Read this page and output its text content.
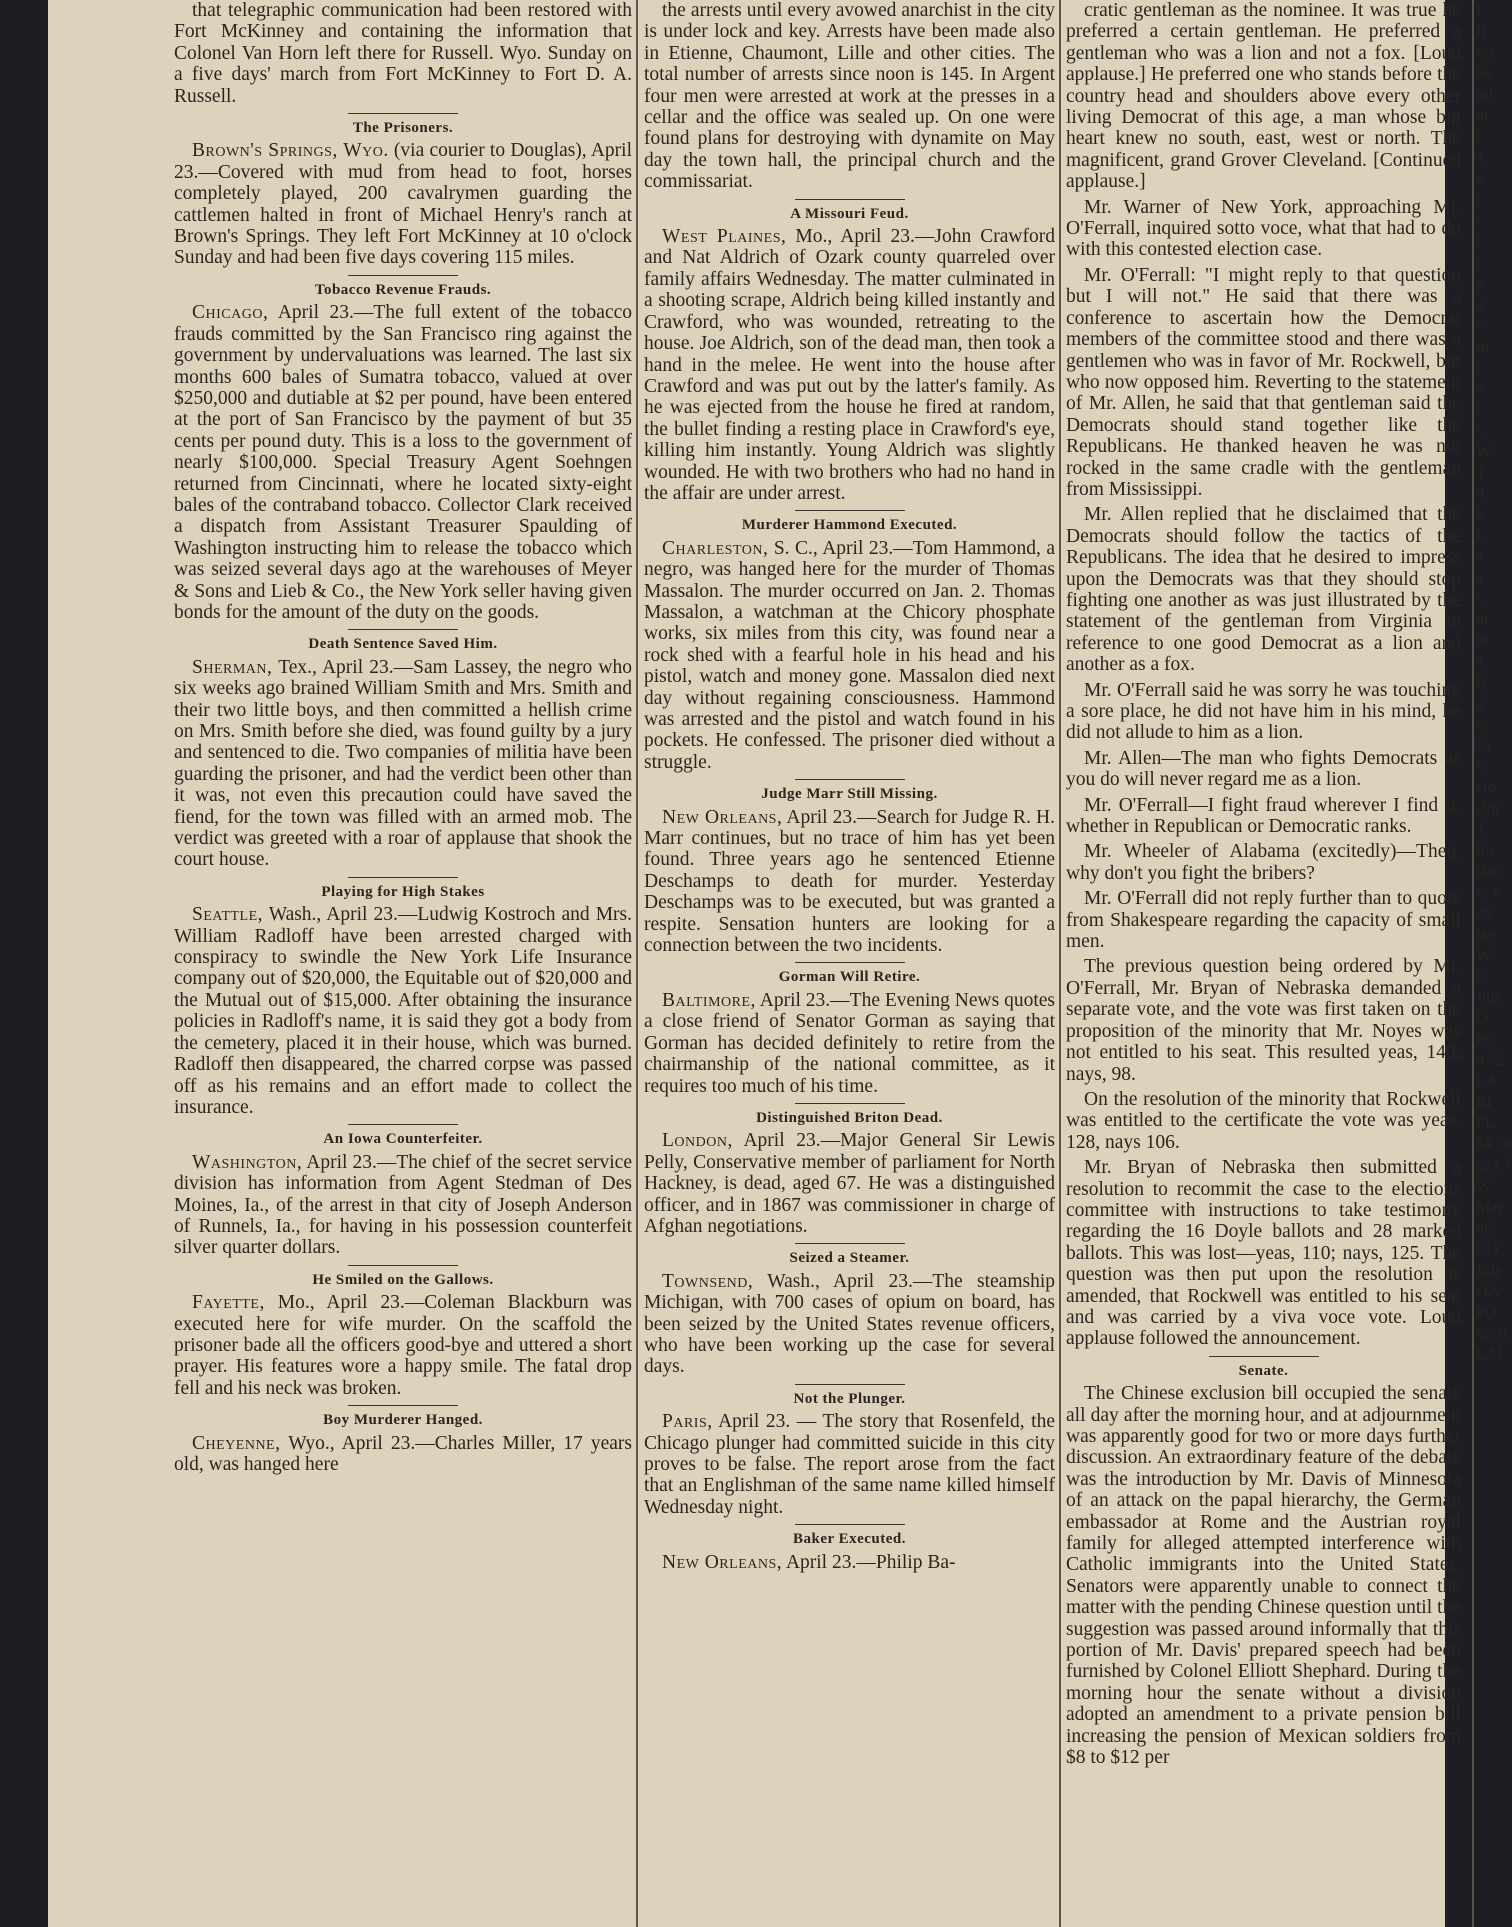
that telegraphic communication had been restored with Fort McKinney and containing the information that Colonel Van Horn left there for Russell. Wyo. Sunday on a five days' march from Fort McKinney to Fort D. A. Russell.

The Prisoners.

Brown's Springs, Wyo. (via courier to Douglas), April 23.—Covered with mud from head to foot, horses completely played, 200 cavalrymen guarding the cattlemen halted in front of Michael Henry's ranch at Brown's Springs. They left Fort McKinney at 10 o'clock Sunday and had been five days covering 115 miles.

Tobacco Revenue Frauds.

Chicago, April 23.—The full extent of the tobacco frauds committed by the San Francisco ring against the government by undervaluations was learned. The last six months 600 bales of Sumatra tobacco, valued at over $250,000 and dutiable at $2 per pound, have been entered at the port of San Francisco by the payment of but 35 cents per pound duty. This is a loss to the government of nearly $100,000. Special Treasury Agent Soehngen returned from Cincinnati, where he located sixty-eight bales of the contraband tobacco. Collector Clark received a dispatch from Assistant Treasurer Spaulding of Washington instructing him to release the tobacco which was seized several days ago at the warehouses of Meyer & Sons and Lieb & Co., the New York seller having given bonds for the amount of the duty on the goods.

Death Sentence Saved Him.

Sherman, Tex., April 23.—Sam Lassey, the negro who six weeks ago brained William Smith and Mrs. Smith and their two little boys, and then committed a hellish crime on Mrs. Smith before she died, was found guilty by a jury and sentenced to die. Two companies of militia have been guarding the prisoner, and had the verdict been other than it was, not even this precaution could have saved the fiend, for the town was filled with an armed mob. The verdict was greeted with a roar of applause that shook the court house.

Playing for High Stakes

Seattle, Wash., April 23.—Ludwig Kostroch and Mrs. William Radloff have been arrested charged with conspiracy to swindle the New York Life Insurance company out of $20,000, the Equitable out of $20,000 and the Mutual out of $15,000. After obtaining the insurance policies in Radloff's name, it is said they got a body from the cemetery, placed it in their house, which was burned. Radloff then disappeared, the charred corpse was passed off as his remains and an effort made to collect the insurance.

An Iowa Counterfeiter.

Washington, April 23.—The chief of the secret service division has information from Agent Stedman of Des Moines, Ia., of the arrest in that city of Joseph Anderson of Runnels, Ia., for having in his possession counterfeit silver quarter dollars.

He Smiled on the Gallows.

Fayette, Mo., April 23.—Coleman Blackburn was executed here for wife murder. On the scaffold the prisoner bade all the officers good-bye and uttered a short prayer. His features wore a happy smile. The fatal drop fell and his neck was broken.

Boy Murderer Hanged.

Cheyenne, Wyo., April 23.—Charles Miller, 17 years old, was hanged here

the arrests until every avowed anarchist in the city is under lock and key. Arrests have been made also in Etienne, Chaumont, Lille and other cities. The total number of arrests since noon is 145. In Argent four men were arrested at work at the presses in a cellar and the office was sealed up. On one were found plans for destroying with dynamite on May day the town hall, the principal church and the commissariat.

A Missouri Feud.

West Plaines, Mo., April 23.—John Crawford and Nat Aldrich of Ozark county quarreled over family affairs Wednesday. The matter culminated in a shooting scrape, Aldrich being killed instantly and Crawford, who was wounded, retreating to the house. Joe Aldrich, son of the dead man, then took a hand in the melee. He went into the house after Crawford and was put out by the latter's family. As he was ejected from the house he fired at random, the bullet finding a resting place in Crawford's eye, killing him instantly. Young Aldrich was slightly wounded. He with two brothers who had no hand in the affair are under arrest.

Murderer Hammond Executed.

Charleston, S. C., April 23.—Tom Hammond, a negro, was hanged here for the murder of Thomas Massalon. The murder occurred on Jan. 2. Thomas Massalon, a watchman at the Chicory phosphate works, six miles from this city, was found near a rock shed with a fearful hole in his head and his pistol, watch and money gone. Massalon died next day without regaining consciousness. Hammond was arrested and the pistol and watch found in his pockets. He confessed. The prisoner died without a struggle.

Judge Marr Still Missing.

New Orleans, April 23.—Search for Judge R. H. Marr continues, but no trace of him has yet been found. Three years ago he sentenced Etienne Deschamps to death for murder. Yesterday Deschamps was to be executed, but was granted a respite. Sensation hunters are looking for a connection between the two incidents.

Gorman Will Retire.

Baltimore, April 23.—The Evening News quotes a close friend of Senator Gorman as saying that Gorman has decided definitely to retire from the chairmanship of the national committee, as it requires too much of his time.

Distinguished Briton Dead.

London, April 23.—Major General Sir Lewis Pelly, Conservative member of parliament for North Hackney, is dead, aged 67. He was a distinguished officer, and in 1867 was commissioner in charge of Afghan negotiations.

Seized a Steamer.

Townsend, Wash., April 23.—The steamship Michigan, with 700 cases of opium on board, has been seized by the United States revenue officers, who have been working up the case for several days.

Not the Plunger.

Paris, April 23. — The story that Rosenfeld, the Chicago plunger had committed suicide in this city proves to be false. The report arose from the fact that an Englishman of the same name killed himself Wednesday night.

Baker Executed.

New Orleans, April 23.—Philip Ba-

cratic gentleman as the nominee. It was true he preferred a certain gentleman. He preferred a gentleman who was a lion and not a fox. [Loud applause.] He preferred one who stands before the country head and shoulders above every other living Democrat of this age, a man whose big heart knew no south, east, west or north. The magnificent, grand Grover Cleveland. [Continued applause.]

Mr. Warner of New York, approaching Mr. O'Ferrall, inquired sotto voce, what that had to do with this contested election case.

Mr. O'Ferrall: "I might reply to that question but I will not." He said that there was a conference to ascertain how the Democrat members of the committee stood and there was a gentlemen who was in favor of Mr. Rockwell, but who now opposed him. Reverting to the statement of Mr. Allen, he said that that gentleman said the Democrats should stand together like the Republicans. He thanked heaven he was not rocked in the same cradle with the gentleman from Mississippi.

Mr. Allen replied that he disclaimed that the Democrats should follow the tactics of the Republicans. The idea that he desired to impress upon the Democrats was that they should stop fighting one another as was just illustrated by the statement of the gentleman from Virginia in reference to one good Democrat as a lion and another as a fox.

Mr. O'Ferrall said he was sorry he was touching a sore place, he did not have him in his mind, he did not allude to him as a lion.

Mr. Allen—The man who fights Democrats as you do will never regard me as a lion.

Mr. O'Ferrall—I fight fraud wherever I find it, whether in Republican or Democratic ranks.

Mr. Wheeler of Alabama (excitedly)—Then, why don't you fight the bribers?

Mr. O'Ferrall did not reply further than to quote from Shakespeare regarding the capacity of small men.

The previous question being ordered by Mr. O'Ferrall, Mr. Bryan of Nebraska demanded a separate vote, and the vote was first taken on the proposition of the minority that Mr. Noyes was not entitled to his seat. This resulted yeas, 140; nays, 98.

On the resolution of the minority that Rockwell was entitled to the certificate the vote was yeas, 128, nays 106.

Mr. Bryan of Nebraska then submitted a resolution to recommit the case to the elections committee with instructions to take testimony regarding the 16 Doyle ballots and 28 marked ballots. This was lost—yeas, 110; nays, 125. The question was then put upon the resolution as amended, that Rockwell was entitled to his seat and was carried by a viva voce vote. Loud applause followed the announcement.

Senate.

The Chinese exclusion bill occupied the senate all day after the morning hour, and at adjournment was apparently good for two or more days further discussion. An extraordinary feature of the debate was the introduction by Mr. Davis of Minnesota of an attack on the papal hierarchy, the German embassador at Rome and the Austrian royal family for alleged attempted interference with Catholic immigrants into the United States. Senators were apparently unable to connect the matter with the pending Chinese question until the suggestion was passed around informally that this portion of Mr. Davis' prepared speech had been furnished by Colonel Elliott Shephard. During the morning hour the senate without a division adopted an amendment to a private pension bill increasing the pension of Mexican soldiers from $8 to $12 per

I
It
ma
lie
mi
m
f
1
y
t
i
l
c
p
a
v
in
t
e
l
s
W
T
d
h
L
a
a
s
m
te
a
ly
a
se
Ju
C
cro
slig
T
for
sho
to v
ste
lay
W
C
July
O
PC
9.62
LA
RI
FL
$4.30
@3.7
W
May
bid
CO
July
OA
PO
for n
LAI
